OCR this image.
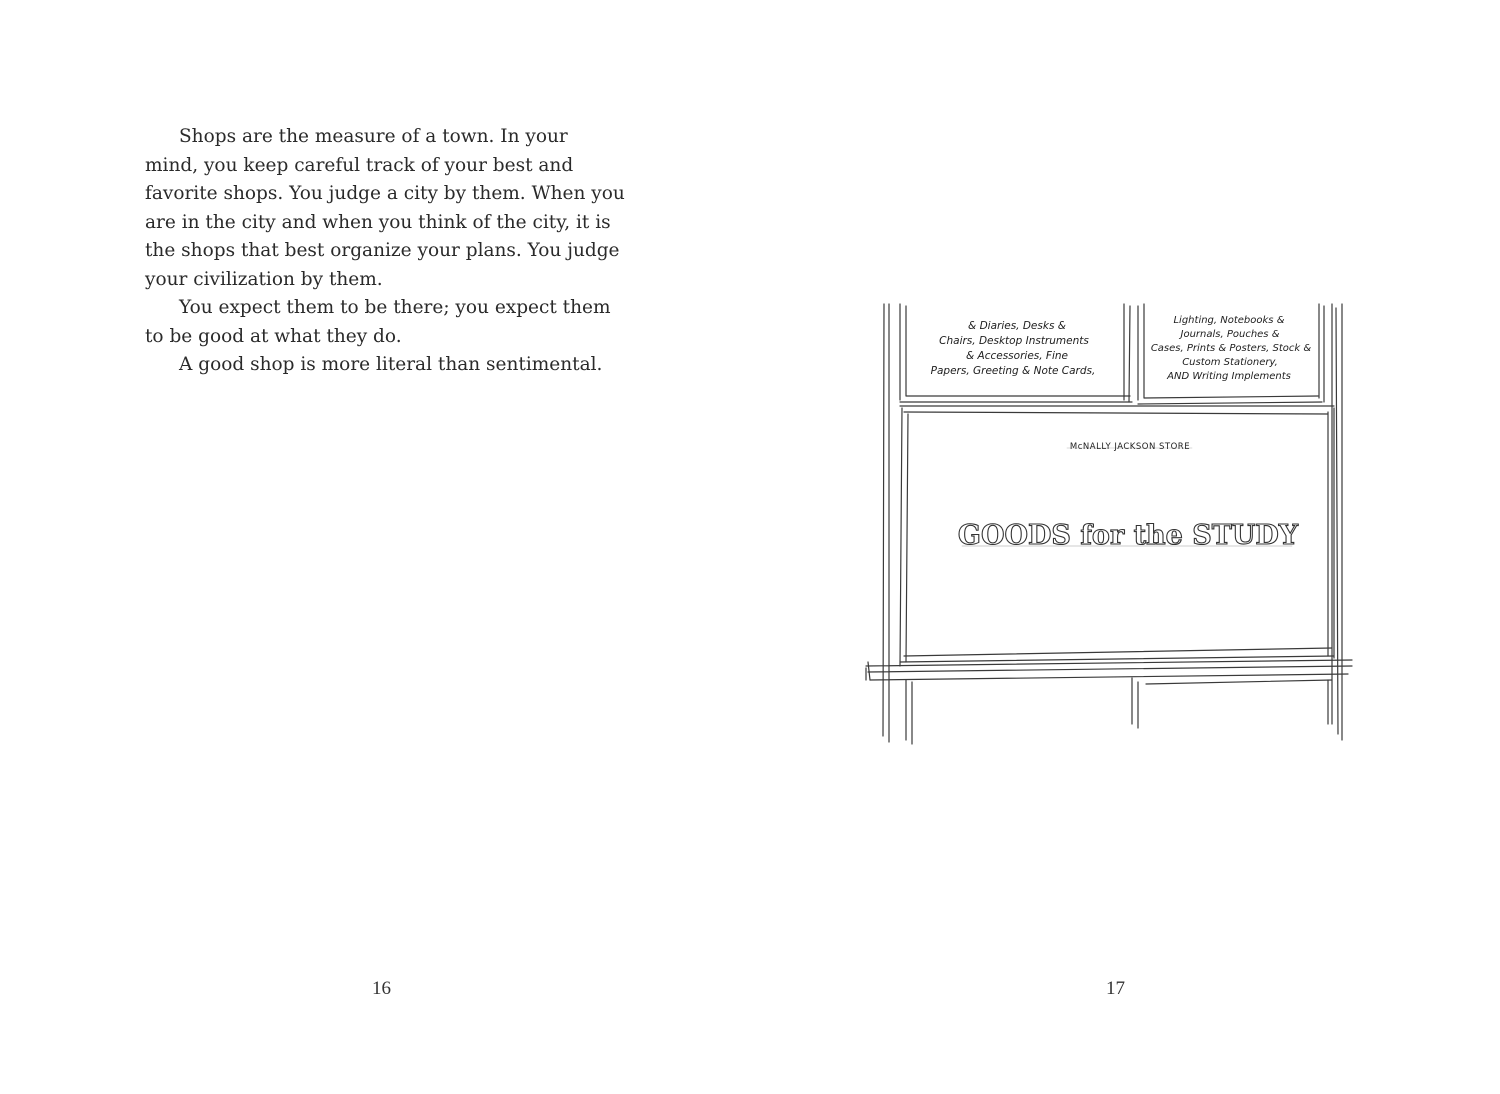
Shops are the measure of a town. In your mind, you keep careful track of your best and favorite shops. You judge a city by them. When you are in the city and when you think of the city, it is the shops that best organize your plans. You judge your civilization by them.

You expect them to be there; you expect them to be good at what they do.

A good shop is more literal than sentimental.

16
& Diaries, Desks &
Chairs, Desktop Instruments
& Accessories, Fine
Papers, Greeting & Note Cards,
Lighting, Notebooks &
Journals, Pouches &
Cases, Prints & Posters, Stock &
Custom Stationery,
AND Writing Implements
McNALLY JACKSON STORE
GOODS for the STUDY
17
